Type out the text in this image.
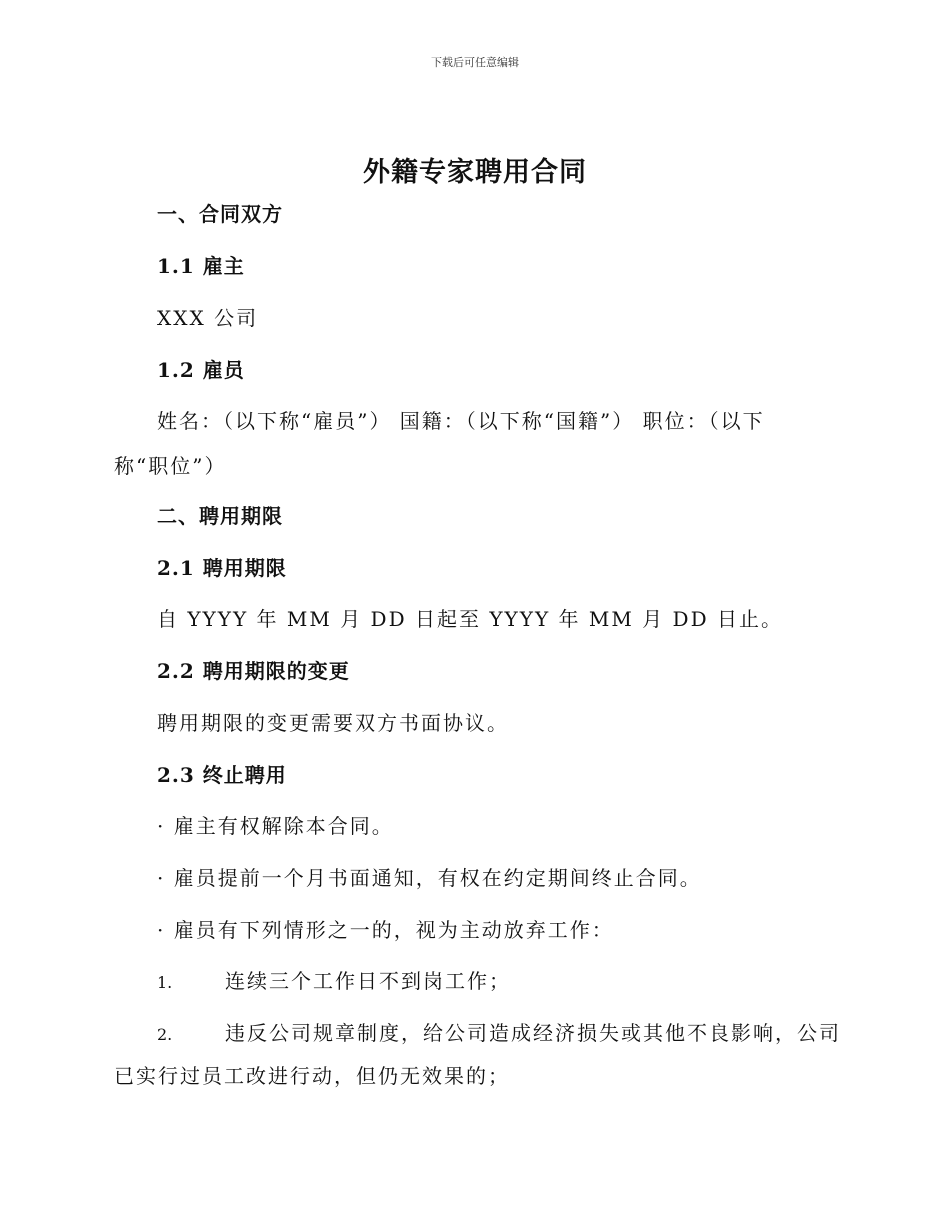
下载后可任意编辑
外籍专家聘用合同
一、合同双方
1.1 雇主
XXX 公司
1.2 雇员
姓名：（以下称“雇员”） 国籍：（以下称“国籍”） 职位：（以下
称“职位”）
二、聘用期限
2.1 聘用期限
自 YYYY 年 MM 月 DD 日起至 YYYY 年 MM 月 DD 日止。
2.2 聘用期限的变更
聘用期限的变更需要双方书面协议。
2.3 终止聘用
· 雇主有权解除本合同。
· 雇员提前一个月书面通知，有权在约定期间终止合同。
· 雇员有下列情形之一的，视为主动放弃工作：
1.	连续三个工作日不到岗工作；
2.	违反公司规章制度，给公司造成经济损失或其他不良影响，公司
已实行过员工改进行动，但仍无效果的；
